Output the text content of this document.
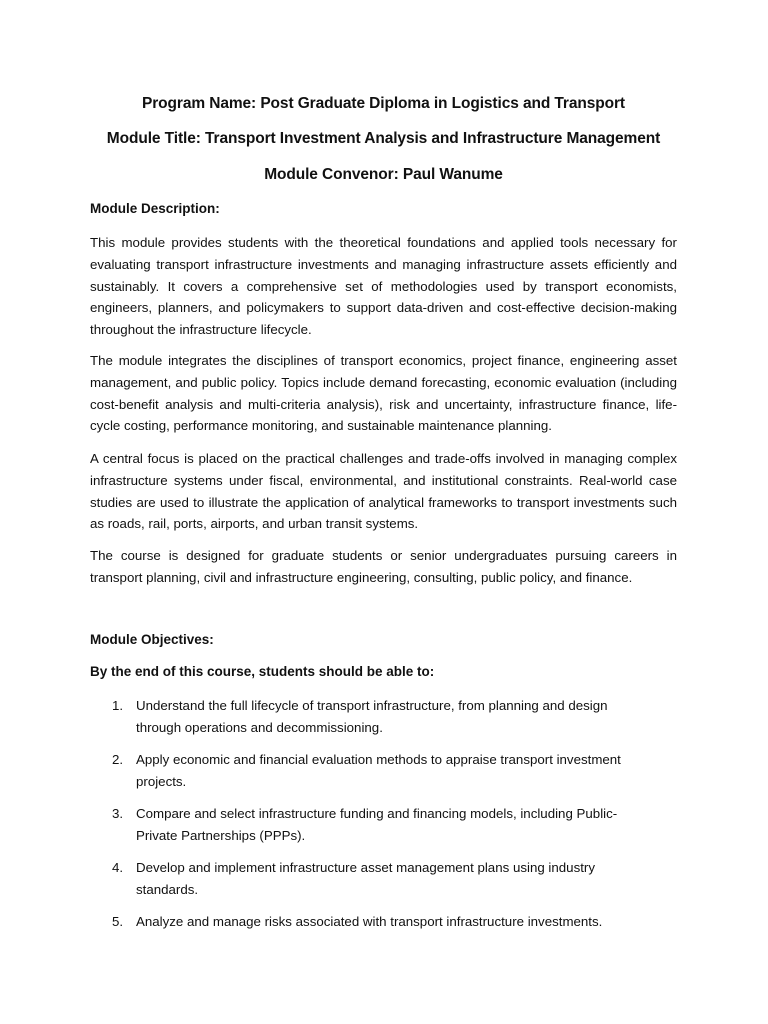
Program Name: Post Graduate Diploma in Logistics and Transport
Module Title: Transport Investment Analysis and Infrastructure Management
Module Convenor: Paul Wanume
Module Description:
This module provides students with the theoretical foundations and applied tools necessary for evaluating transport infrastructure investments and managing infrastructure assets efficiently and sustainably. It covers a comprehensive set of methodologies used by transport economists, engineers, planners, and policymakers to support data-driven and cost-effective decision-making throughout the infrastructure lifecycle.
The module integrates the disciplines of transport economics, project finance, engineering asset management, and public policy. Topics include demand forecasting, economic evaluation (including cost-benefit analysis and multi-criteria analysis), risk and uncertainty, infrastructure finance, life-cycle costing, performance monitoring, and sustainable maintenance planning.
A central focus is placed on the practical challenges and trade-offs involved in managing complex infrastructure systems under fiscal, environmental, and institutional constraints. Real-world case studies are used to illustrate the application of analytical frameworks to transport investments such as roads, rail, ports, airports, and urban transit systems.
The course is designed for graduate students or senior undergraduates pursuing careers in transport planning, civil and infrastructure engineering, consulting, public policy, and finance.
Module Objectives:
By the end of this course, students should be able to:
1. Understand the full lifecycle of transport infrastructure, from planning and design through operations and decommissioning.
2. Apply economic and financial evaluation methods to appraise transport investment projects.
3. Compare and select infrastructure funding and financing models, including Public-Private Partnerships (PPPs).
4. Develop and implement infrastructure asset management plans using industry standards.
5. Analyze and manage risks associated with transport infrastructure investments.
